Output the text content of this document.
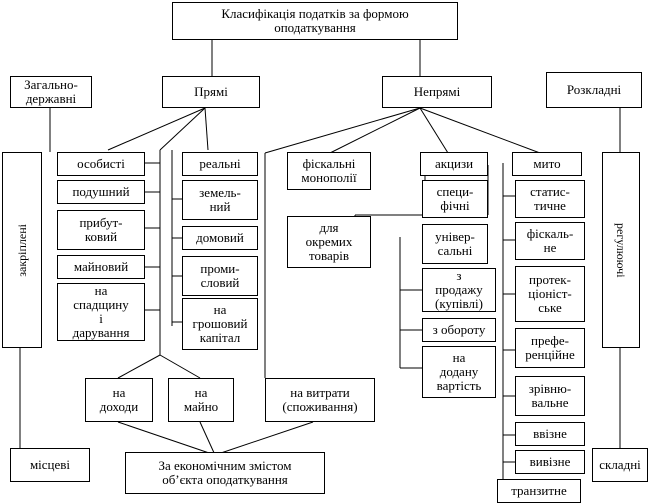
Класифікація податків за формою
оподаткування
Загально-
державні	Прямі	Непрямі	Розкладні
закріплені	регулюючі
особисті
подушний
прибут-
ковий
майновий
на
спадщину
і
дарування
реальні
земель-
ний
домовий
проми-
словий
на
грошовий
капітал
фіскальні
монополії
для
окремих
товарів
акцизи
специ-
фічні
універ-
сальні
з
продажу
(купівлі)
з обороту
на
додану
вартість
мито
статис-
тичне
фіскаль-
не
протек-
ціоніст-
ське
префе-
ренційне
зрівню-
вальне
ввізне
вивізне
транзитне
на
доходи
на
майно
на витрати
(споживання)
За економічним змістом
об’єкта оподаткування
місцеві	складні
